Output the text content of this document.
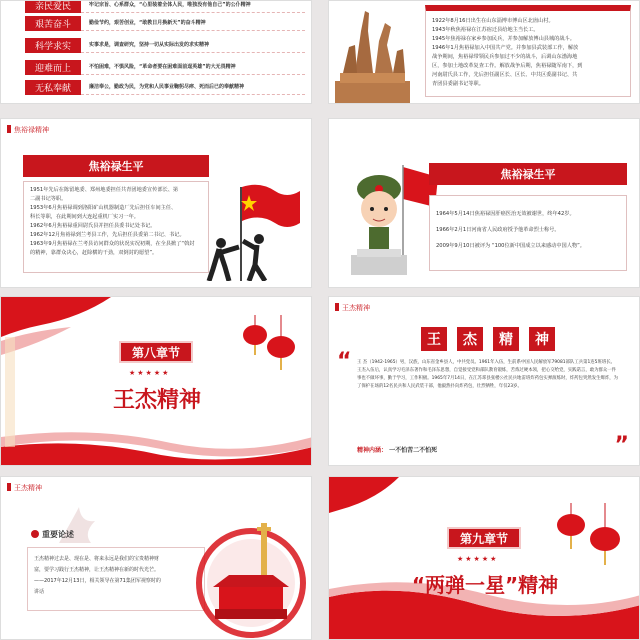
亲民爱民	牢记宗旨、心系群众，“心里装着全体人民，唯独没有他自己”的公仆精神
艰苦奋斗	勤俭节约，艰苦创业，“敢教日月换新天”的奋斗精神
科学求实	实事求是，调查研究，坚持一切从实际出发的求实精神
迎难而上	不怕困难，不惧风险，“革命者要在困难面前逞英雄”的大无畏精神
无私奉献	廉洁奉公，勤政为民，为党和人民事业鞠躬尽瘁、死而后已的奉献精神
1922年8月16日出生在山东淄博市博山区北崮山村。
1943年秋焦裕禄在江苏宿迁县给地主当长工。
1945年焦裕禄在家乡参加民兵，并参加解放博山县城的战斗。
1946年1月焦裕禄加入中国共产党。并参加县武装部工作，解放
战争期间，焦裕禄带领民兵参加过不少的战斗，后调山东渤海地
区，参加土地改革复查工作。解放战争后期，焦裕禄随军南下，到
河南尉氏县工作，先后担任副区长、区长、中共区委副书记、共
青团县委副书记等职。
焦裕禄精神
焦裕禄生平
1951年先后在陈留地委、郑州地委担任共青团地委宣传部长、第
二副书记等职。
1953年6月焦裕禄调到洛阳矿山机器制造厂先后担任车间主任、
科长等职，在此期间到大连起重机厂实习一年。
1962年6月焦裕禄重回尉氏县并担任县委书记处书记。
1962年12月焦裕禄到兰考县工作，先后担任县委第二书记、书记。
1963年9月焦裕禄在兰考县访问群众的状况实况初期，在全县掀了“斡封
的精神，靠群众决心，赶除横的干劲，双倒封的愿望”。
焦裕禄生平
1964年5月14日焦裕禄因肝癌医治无效被谢世，终年42岁。
1966年2月1日河南省人民政府授予他革命烈士称号。
2009年9月10日被评为 “100位新中国成立以来感动中国人物”。
第八章节
★★★★★
王杰精神
王杰精神
王	杰	精	神
“
”
王 杰（1942-1965）男，汉族，山东省金乡县人，中共党员。1961年入伍，生前系中国人民解放军79081部队工兵第1连5班班长。王杰入伍后，认真学习毛泽东著作和毛泽东思想，自觉接受党和部队教育锻炼，苦炼过硬本领，把心交给党，实践诺言，敢为群众一件事也不做坏事，勤于学习，工作积极。1965年7月14日，在江苏邳县张楼公社民兵地雷班炸药包实弹演练时，炸药包突然发生爆炸，为了保护在场的12名民兵和人民武装干部，他毅然扑向炸药包，壮烈牺牲，年仅23岁。
精神内涵： 一不怕苦二不怕死
王杰精神
重要论述
王杰精神过去是、现在是、将来永远是我们的宝贵精神财
富，要学习践行王杰精神，让王杰精神在新的时代光芒。
——2017年12月13日，相关领导在第71集团军视察时的
讲话
第九章节
★★★★★
“两弹一星”精神
